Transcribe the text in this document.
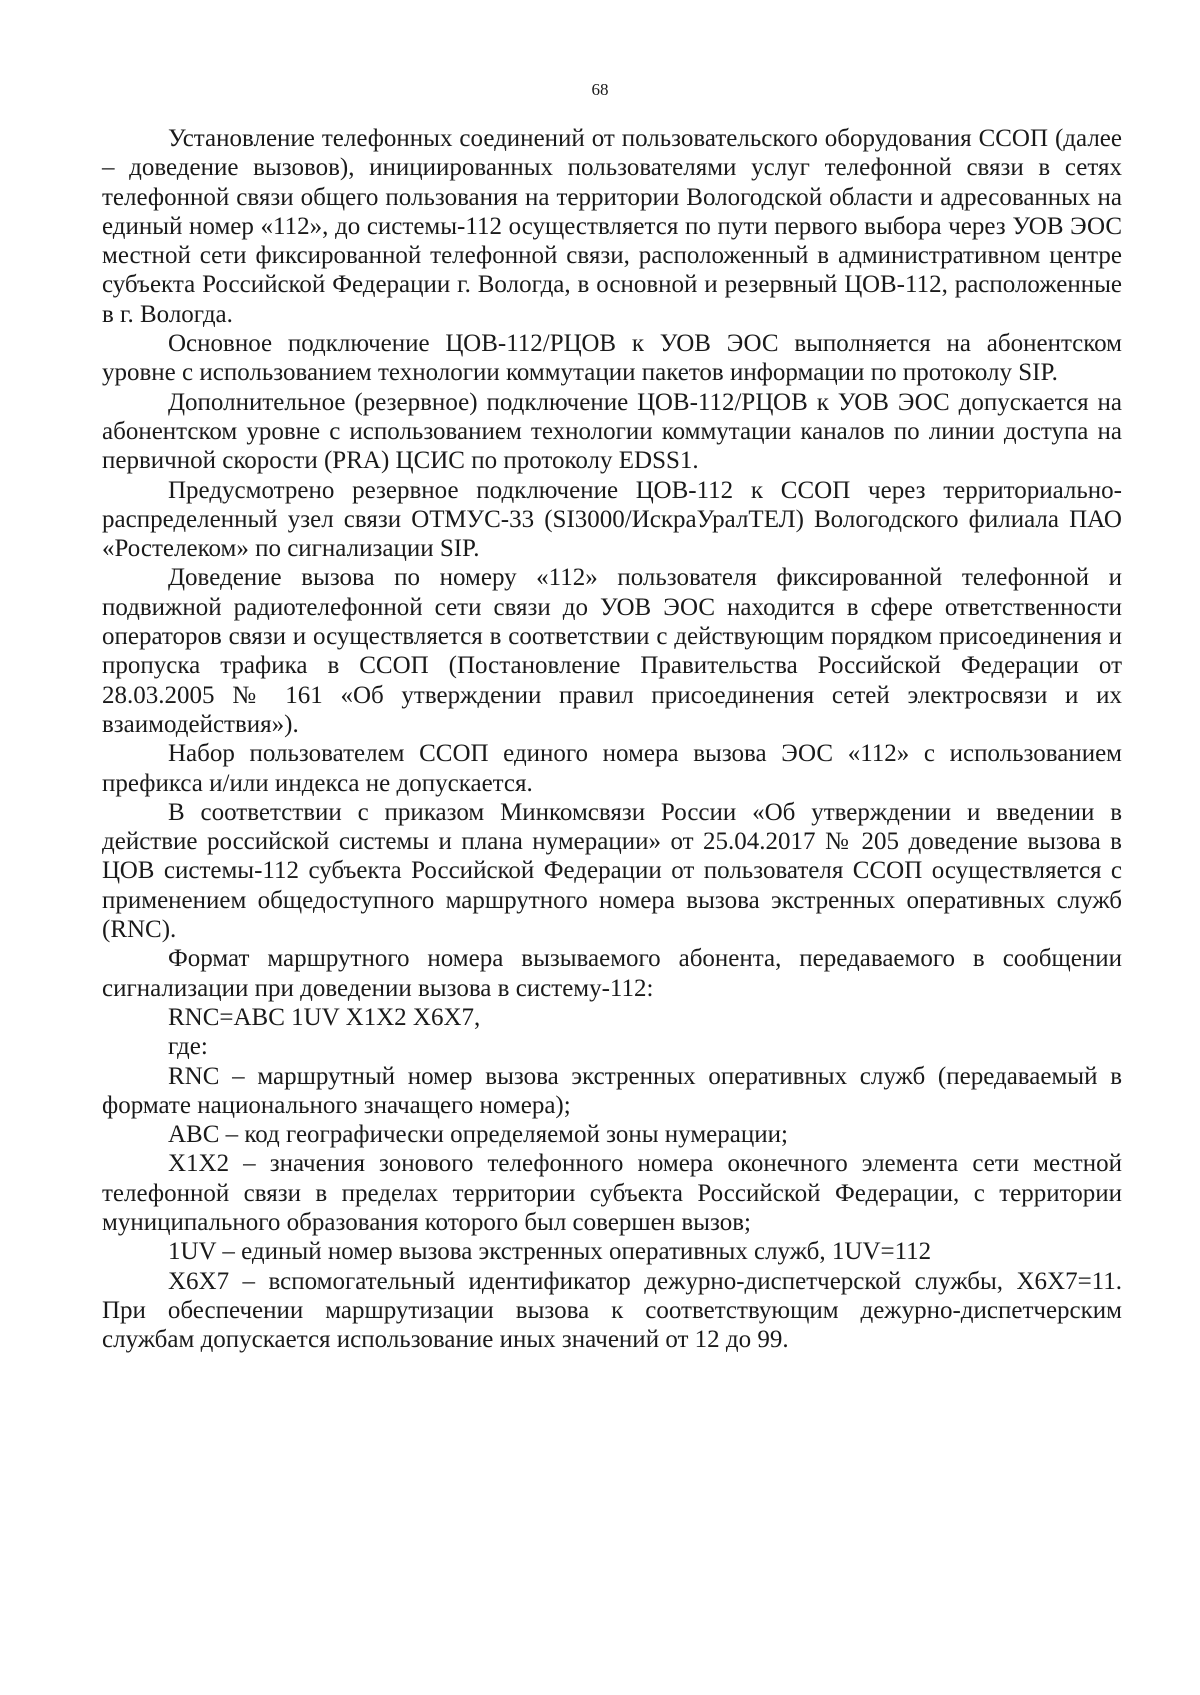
68

Установление телефонных соединений от пользовательского оборудования ССОП (далее – доведение вызовов), инициированных пользователями услуг телефонной связи в сетях телефонной связи общего пользования на территории Вологодской области и адресованных на единый номер «112», до системы-112 осуществляется по пути первого выбора через УОВ ЭОС местной сети фиксированной телефонной связи, расположенный в административном центре субъекта Российской Федерации г. Вологда, в основной и резервный ЦОВ-112, расположенные в г. Вологда.

Основное подключение ЦОВ-112/РЦОВ к УОВ ЭОС выполняется на абонентском уровне с использованием технологии коммутации пакетов информации по протоколу SIP.

Дополнительное (резервное) подключение ЦОВ-112/РЦОВ к УОВ ЭОС допускается на абонентском уровне с использованием технологии коммутации каналов по линии доступа на первичной скорости (PRA) ЦСИС по протоколу EDSS1.

Предусмотрено резервное подключение ЦОВ-112 к ССОП через территориально-распределенный узел связи ОТМУС-33 (SI3000/ИскраУралТЕЛ) Вологодского филиала ПАО «Ростелеком» по сигнализации SIP.

Доведение вызова по номеру «112» пользователя фиксированной телефонной и подвижной радиотелефонной сети связи до УОВ ЭОС находится в сфере ответственности операторов связи и осуществляется в соответствии с действующим порядком присоединения и пропуска трафика в ССОП (Постановление Правительства Российской Федерации от 28.03.2005 № 161 «Об утверждении правил присоединения сетей электросвязи и их взаимодействия»).

Набор пользователем ССОП единого номера вызова ЭОС «112» с использованием префикса и/или индекса не допускается.

В соответствии с приказом Минкомсвязи России «Об утверждении и введении в действие российской системы и плана нумерации» от 25.04.2017 № 205 доведение вызова в ЦОВ системы-112 субъекта Российской Федерации от пользователя ССОП осуществляется с применением общедоступного маршрутного номера вызова экстренных оперативных служб (RNC).

Формат маршрутного номера вызываемого абонента, передаваемого в сообщении сигнализации при доведении вызова в систему-112:

RNC=ABC 1UV X1X2 X6X7,

где:

RNC – маршрутный номер вызова экстренных оперативных служб (передаваемый в формате национального значащего номера);

ABC – код географически определяемой зоны нумерации;

X1X2 – значения зонового телефонного номера оконечного элемента сети местной телефонной связи в пределах территории субъекта Российской Федерации, с территории муниципального образования которого был совершен вызов;

1UV – единый номер вызова экстренных оперативных служб, 1UV=112

X6X7 – вспомогательный идентификатор дежурно-диспетчерской службы, X6X7=11. При обеспечении маршрутизации вызова к соответствующим дежурно-диспетчерским службам допускается использование иных значений от 12 до 99.
